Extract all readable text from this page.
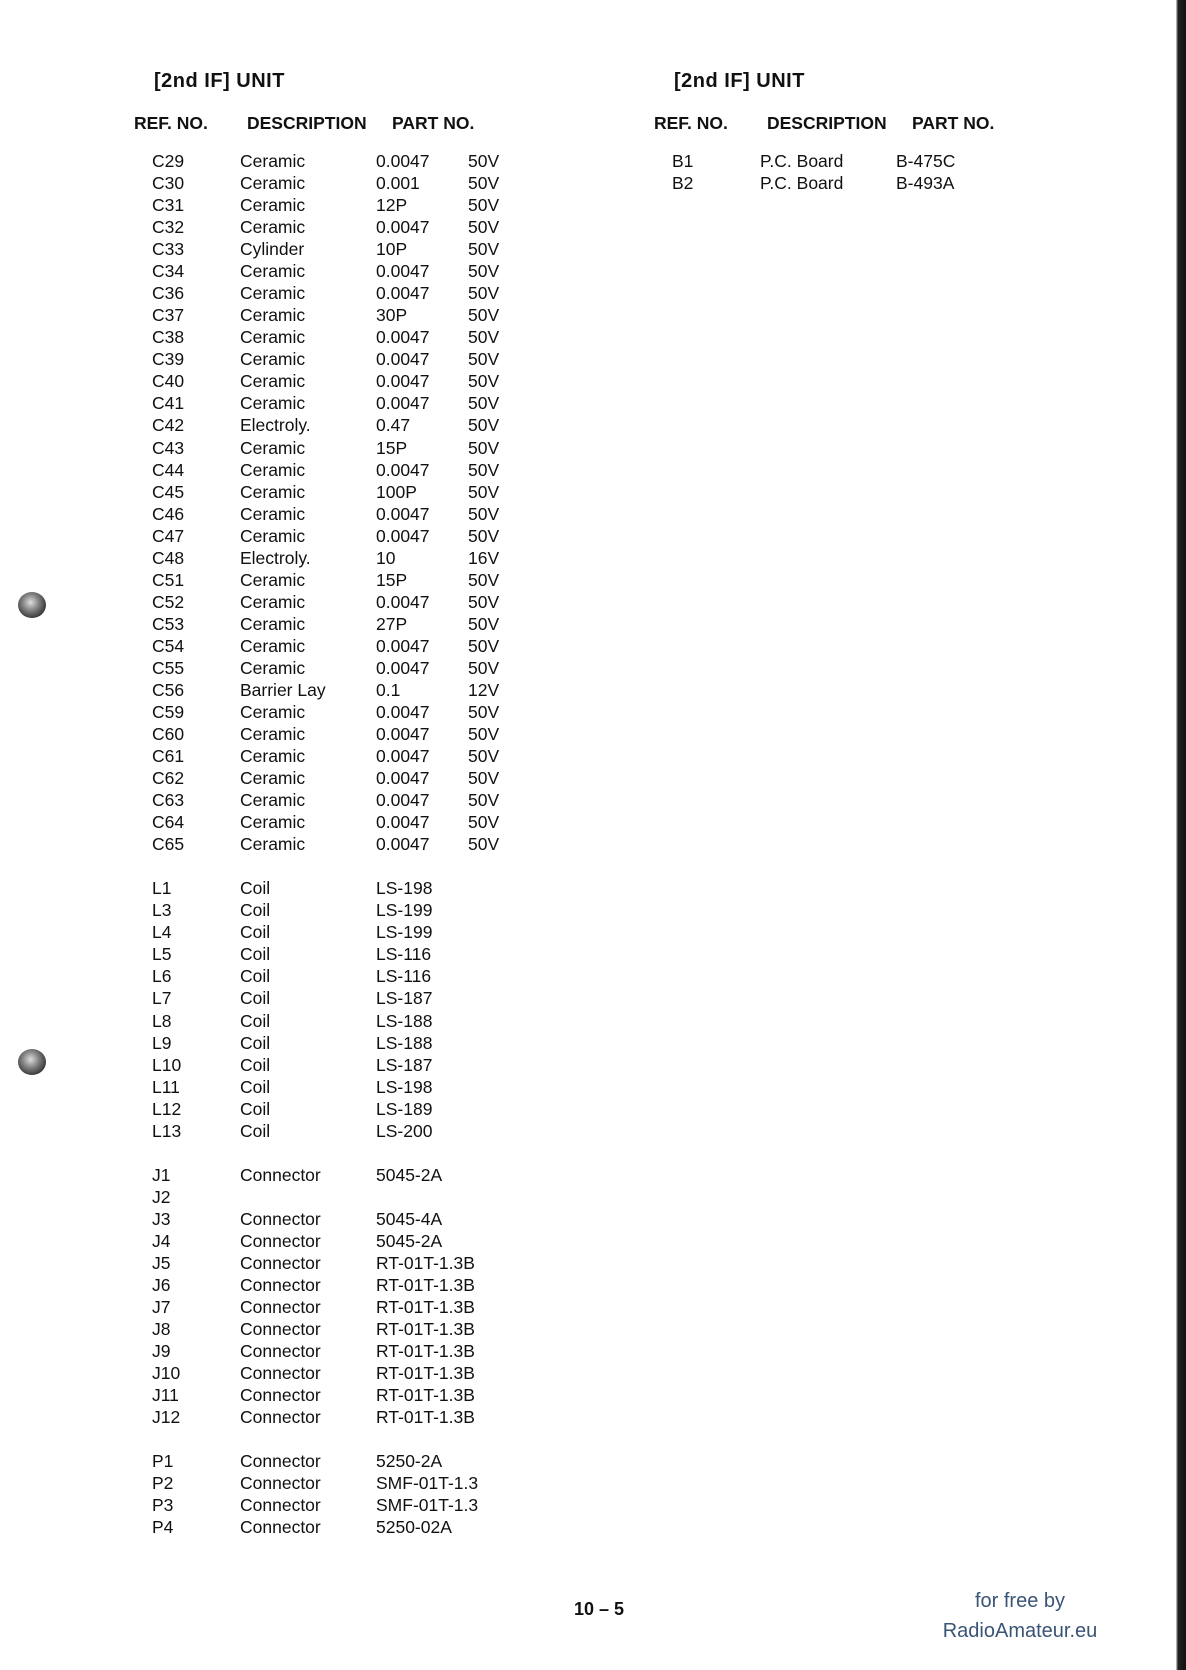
[2nd IF] UNIT
REF. NO. DESCRIPTION PART NO.
C29	Ceramic	0.0047 50V
C30	Ceramic	0.001	50V
C31	Ceramic	12P	50V
C32	Ceramic	0.0047 50V
C33	Cylinder	10P	50V
C34	Ceramic	0.0047 50V
C36	Ceramic	0.0047 50V
C37	Ceramic	30P	50V
C38	Ceramic	0.0047 50V
C39	Ceramic	0.0047 50V
C40	Ceramic	0.0047 50V
C41	Ceramic	0.0047 50V
C42	Electroly.	0.47	50V
C43	Ceramic	15P	50V
C44	Ceramic	0.0047 50V
C45	Ceramic	100P	50V
C46	Ceramic	0.0047 50V
C47	Ceramic	0.0047 50V
C48	Electroly.	10	16V
C51	Ceramic	15P	50V
C52	Ceramic	0.0047 50V
C53	Ceramic	27P	50V
C54	Ceramic	0.0047 50V
C55	Ceramic	0.0047 50V
C56	Barrier Lay	0.1	12V
C59	Ceramic	0.0047 50V
C60	Ceramic	0.0047 50V
C61	Ceramic	0.0047 50V
C62	Ceramic	0.0047 50V
C63	Ceramic	0.0047 50V
C64	Ceramic	0.0047 50V
C65	Ceramic	0.0047 50V
L1	Coil	LS-198
L3	Coil	LS-199
L4	Coil	LS-199
L5	Coil	LS-116
L6	Coil	LS-116
L7	Coil	LS-187
L8	Coil	LS-188
L9	Coil	LS-188
L10	Coil	LS-187
L11	Coil	LS-198
L12	Coil	LS-189
L13	Coil	LS-200
J1	Connector	5045-2A
J2
J3	Connector	5045-4A
J4	Connector	5045-2A
J5	Connector	RT-01T-1.3B
J6	Connector	RT-01T-1.3B
J7	Connector	RT-01T-1.3B
J8	Connector	RT-01T-1.3B
J9	Connector	RT-01T-1.3B
J10	Connector	RT-01T-1.3B
J11	Connector	RT-01T-1.3B
J12	Connector	RT-01T-1.3B
P1	Connector	5250-2A
P2	Connector	SMF-01T-1.3
P3	Connector	SMF-01T-1.3
P4	Connector	5250-02A
[2nd IF] UNIT
REF. NO. DESCRIPTION PART NO.
B1	P.C. Board	B-475C
B2	P.C. Board	B-493A
10 – 5	for free by
RadioAmateur.eu
